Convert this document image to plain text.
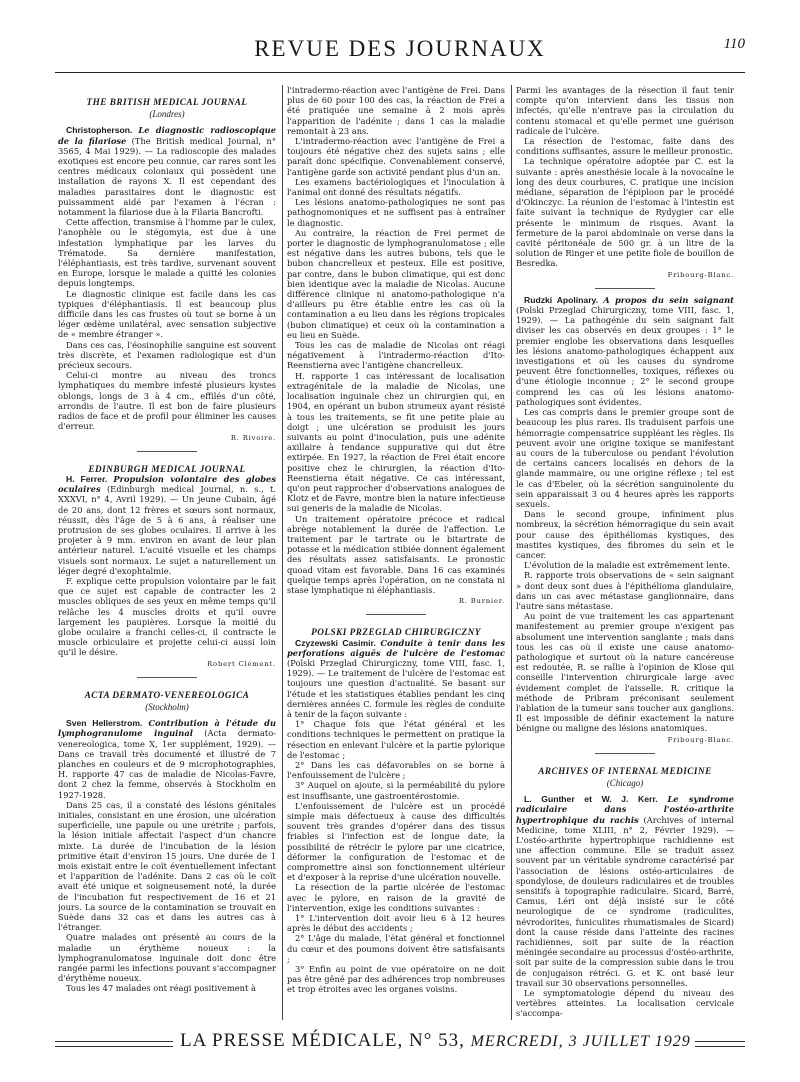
REVUE DES JOURNAUX	110
THE BRITISH MEDICAL JOURNAL
(Londres)

Christopherson. Le diagnostic radioscopique de la filariose (The British medical Journal, n° 3565, 4 Mai 1929). — La radioscopie des malades exotiques est encore peu connue, car rares sont les centres médicaux coloniaux qui possèdent une installation de rayons X. Il est cependant des maladies parasitaires dont le diagnostic est puissamment aidé par l'examen à l'écran : notamment la filariose due à la Filaria Bancrofti.

Cette affection, transmise à l'homme par le culex, l'anophèle ou le stégomyia, est due à une infestation lymphatique par les larves du Trématode. Sa dernière manifestation, l'éléphantiasis, est très tardive, survenant souvent en Europe, lorsque le malade a quitté les colonies depuis longtemps.

Le diagnostic clinique est facile dans les cas typiques d'éléphantiasis. Il est beaucoup plus difficile dans les cas frustes où tout se borne à un léger œdème unilatéral, avec sensation subjective de « membre étranger ».

Dans ces cas, l'éosinophilie sanguine est souvent très discrète, et l'examen radiologique est d'un précieux secours.

Celui-ci montre au niveau des troncs lymphatiques du membre infesté plusieurs kystes oblongs, longs de 3 à 4 cm., effilés d'un côté, arrondis de l'autre. Il est bon de faire plusieurs radios de face et de profil pour éliminer les causes d'erreur.

R. Rivoire.
EDINBURGH MEDICAL JOURNAL

H. Ferrer. Propulsion volontaire des globes oculaires (Edinburgh medical Journal, n. s., t. XXXVI, n° 4, Avril 1929). — Un jeune Cubain, âgé de 20 ans, dont 12 frères et sœurs sont normaux, réussit, dès l'âge de 5 à 6 ans, à réaliser une protrusion de ses globes oculaires. Il arrive à les projeter à 9 mm. environ en avant de leur plan antérieur naturel. L'acuité visuelle et les champs visuels sont normaux. Le sujet a naturellement un léger degré d'exophtalmie.

F. explique cette propulsion volontaire par le fait que ce sujet est capable de contracter les 2 muscles obliques de ses yeux en même temps qu'il relâche les 4 muscles droits et qu'il ouvre largement les paupières. Lorsque la moitié du globe oculaire a franchi celles-ci, il contracte le muscle orbiculaire et projette celui-ci aussi loin qu'il le désire.

Robert Clément.
ACTA DERMATO-VENEREOLOGICA
(Stockholm)

Sven Hellerstrom. Contribution à l'étude du lymphogranulome inguinal (Acta dermato-venereologica, tome X, 1er supplément, 1929). — Dans ce travail très documenté et illustré de 7 planches en couleurs et de 9 microphotographies, H. rapporte 47 cas de maladie de Nicolas-Favre, dont 2 chez la femme, observés à Stockholm en 1927-1928.

Dans 25 cas, il a constaté des lésions génitales initiales, consistant en une érosion, une ulcération superficielle, une papule ou une urétrite ; parfois, la lésion initiale affectait l'aspect d'un chancre mixte. La durée de l'incubation de la lésion primitive était d'environ 15 jours. Une durée de 1 mois existait entre le coït éventuellement infectant et l'apparition de l'adénite. Dans 2 cas où le coït avait été unique et soigneusement noté, la durée de l'incubation fut respectivement de 16 et 21 jours. La source de la contamination se trouvait en Suède dans 32 cas et dans les autres cas à l'étranger.

Quatre malades ont présenté au cours de la maladie un érythème noueux : la lymphogranulomatose inguinale doit donc être rangée parmi les infections pouvant s'accompagner d'érythème noueux.

Tous les 47 malades ont réagi positivement à

l'intradermo-réaction avec l'antigène de Frei. Dans plus de 60 pour 100 des cas, la réaction de Frei a été pratiquée une semaine à 2 mois après l'apparition de l'adénite ; dans 1 cas la maladie remontait à 23 ans.

L'intradermo-réaction avec l'antigène de Frei a toujours été négative chez des sujets sains ; elle paraît donc spécifique. Convenablement conservé, l'antigène garde son activité pendant plus d'un an.

Les examens bactériologiques et l'inoculation à l'animal ont donné des résultats négatifs.

Les lésions anatomo-pathologiques ne sont pas pathognomoniques et ne suffisent pas à entraîner le diagnostic.

Au contraire, la réaction de Frei permet de porter le diagnostic de lymphogranulomatose ; elle est négative dans les autres bubons, tels que le bubon chancrelleux et pesteux. Elle est positive, par contre, dans le bubon climatique, qui est donc bien identique avec la maladie de Nicolas. Aucune différence clinique ni anatomo-pathologique n'a d'ailleurs pu être établie entre les cas où la contamination a eu lieu dans les régions tropicales (bubon climatique) et ceux où la contamination a eu lieu en Suède.

Tous les cas de maladie de Nicolas ont réagi négativement à l'intradermo-réaction d'Ito-Reenstierna avec l'antigène chancrelleux.

H. rapporte 1 cas intéressant de localisation extragénitale de la maladie de Nicolas, une localisation inguinale chez un chirurgien qui, en 1904, en opérant un bubon strumeux ayant résisté à tous les traitements, se fit une petite plaie au doigt ; une ulcération se produisit les jours suivants au point d'inoculation, puis une adénite axillaire à tendance suppurative qui dut être extirpée. En 1927, la réaction de Frei était encore positive chez le chirurgien, la réaction d'Ito-Reenstierna était négative. Ce cas intéressant, qu'on peut rapprocher d'observations analogues de Klotz et de Favre, montre bien la nature infectieuse sui generis de la maladie de Nicolas.

Un traitement opératoire précoce et radical abrège notablement la durée de l'affection. Le traitement par le tartrate ou le bitartrate de potasse et la médication stibiée donnent également des résultats assez satisfaisants. Le pronostic quoad vitam est favorable. Dans 16 cas examinés quelque temps après l'opération, on ne constata ni stase lymphatique ni éléphantiasis.

R. Burnier.
POLSKI PRZEGLAD CHIRURGICZNY

Czyzewski Casimir. Conduite à tenir dans les perforations aiguës de l'ulcère de l'estomac (Polski Przeglad Chirurgiczny, tome VIII, fasc. 1, 1929). — Le traitement de l'ulcère de l'estomac est toujours une question d'actualité. Se basant sur l'étude et les statistiques établies pendant les cinq dernières années C. formule les règles de conduite à tenir de la façon suivante :

1° Chaque fois que l'état général et les conditions techniques le permettent on pratique la résection en enlevant l'ulcère et la partie pylorique de l'estomac ;

2° Dans les cas défavorables on se borne à l'enfouissement de l'ulcère ;

3° Auquel on ajoute, si la perméabilité du pylore est insuffisante, une gastroentérostomie.

L'enfouissement de l'ulcère est un procédé simple mais défectueux à cause des difficultés souvent très grandes d'opérer dans des tissus friables si l'infection est de longue date, la possibilité de rétrécir le pylore par une cicatrice, déformer la configuration de l'estomac et de compromettre ainsi son fonctionnement ultérieur et d'exposer à la reprise d'une ulcération nouvelle.

La résection de la partie ulcérée de l'estomac avec le pylore, en raison de la gravité de l'intervention, exige les conditions suivantes :

1° L'intervention doit avoir lieu 6 à 12 heures après le début des accidents ;

2° L'âge du malade, l'état général et fonctionnel du cœur et des poumons doivent être satisfaisants ;

3° Enfin au point de vue opératoire on ne doit pas être gêné par des adhérences trop nombreuses et trop étroites avec les organes voisins.

Parmi les avantages de la résection il faut tenir compte qu'on intervient dans les tissus non infectés, qu'elle n'entrave pas la circulation du contenu stomacal et qu'elle permet une guérison radicale de l'ulcère.

La résection de l'estomac, faite dans des conditions suffisantes, assure le meilleur pronostic.

La technique opératoire adoptée par C. est la suivante : après anesthésie locale à la novocaïne le long des deux courbures, C. pratique une incision médiane, séparation de l'épiploon par le procédé d'Okinczyc. La réunion de l'estomac à l'intestin est faite suivant la technique de Rydygier car elle présente le minimum de risques. Avant la fermeture de la paroi abdominale on verse dans la cavité péritonéale de 500 gr. à un litre de la solution de Ringer et une petite fiole de bouillon de Besredka.

Fribourg-Blanc.

Rudzki Apolinary. A propos du sein saignant (Polski Przeglad Chirurgiczny, tome VIII, fasc. 1, 1929). — La pathogénie du sein saignant fait diviser les cas observés en deux groupes : 1° le premier englobe les observations dans lesquelles les lésions anatomo-pathologiques échappent aux investigations et où les causes du syndrome peuvent être fonctionnelles, toxiques, réflexes ou d'une étiologie inconnue ; 2° le second groupe comprend les cas où les lésions anatomo-pathologiques sont évidentes.

Les cas compris dans le premier groupe sont de beaucoup les plus rares. Ils traduisent parfois une hémorragie compensatrice suppléant les règles. Ils peuvent avoir une origine toxique se manifestant au cours de la tuberculose ou pendant l'évolution de certains cancers localisés en dehors de la glande mammaire, ou une origine réflexe ; tel est le cas d'Ebeler, où la sécrétion sanguinolente du sein apparaissait 3 ou 4 heures après les rapports sexuels.

Dans le second groupe, infiniment plus nombreux, la sécrétion hémorragique du sein avait pour cause des épithéliomas kystiques, des mastites kystiques, des fibromes du sein et le cancer.

L'évolution de la maladie est extrêmement lente.

R. rapporte trois observations de « sein saignant » dont deux sont dues à l'épithélioma glandulaire, dans un cas avec métastase ganglionnaire, dans l'autre sans métastase.

Au point de vue traitement les cas appartenant manifestement au premier groupe n'exigent pas absolument une intervention sanglante ; mais dans tous les cas où il existe une cause anatomo-pathologique et surtout où la nature cancéreuse est redoutée, R. se rallie à l'opinion de Klose qui conseille l'intervention chirurgicale large avec évidement complet de l'aisselle. R. critique la méthode de Pribram préconisant seulement l'ablation de la tumeur sans toucher aux ganglions. Il est impossible de définir exactement la nature bénigne ou maligne des lésions anatomiques.

Fribourg-Blanc.
ARCHIVES OF INTERNAL MEDICINE
(Chicago)

L. Gunther et W. J. Kerr. Le syndrome radiculaire dans l'ostéo-arthrite hypertrophique du rachis (Archives of internal Medicine, tome XLIII, n° 2, Février 1929). — L'ostéo-arthrite hypertrophique rachidienne est une affection commune. Elle se traduit assez souvent par un véritable syndrome caractérisé par l'association de lésions ostéo-articulaires de spondylose, de douleurs radiculaires et de troubles sensitifs à topographie radiculaire. Sicard, Barré, Camus, Léri ont déjà insisté sur le côté neurologique de ce syndrome (radiculites, névrodorites, funiculites rhumatismales de Sicard) dont la cause réside dans l'atteinte des racines rachidiennes, soit par suite de la réaction méningée secondaire au processus d'ostéo-arthrite, soit par suite de la compression subie dans le trou de conjugaison rétréci. G. et K. ont basé leur travail sur 30 observations personnelles.

Le symptomatologie dépend du niveau des vertèbres atteintes. La localisation cervicale s'accompa-

LA PRESSE MÉDICALE, N° 53, MERCREDI, 3 JUILLET 1929
